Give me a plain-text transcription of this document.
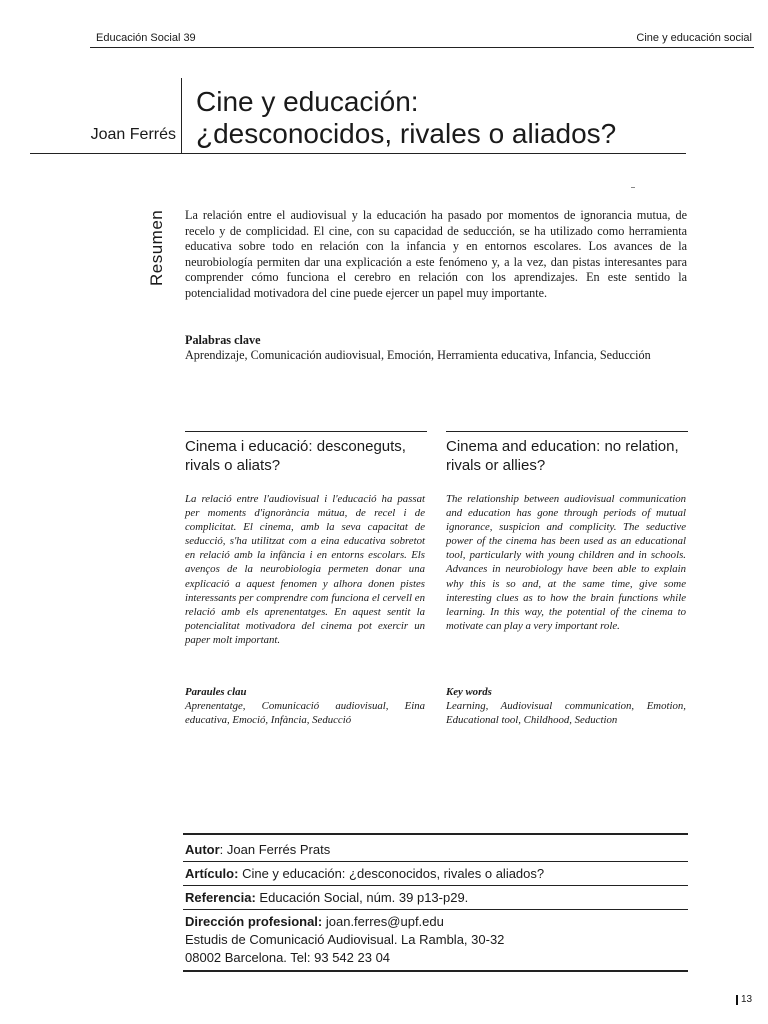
Educación Social 39	Cine y educación social
Joan Ferrés
Cine y educación:
¿desconocidos, rivales o aliados?
Resumen La relación entre el audiovisual y la educación ha pasado por momentos de ignorancia mutua, de recelo y de complicidad. El cine, con su capacidad de seducción, se ha utilizado como herramienta educativa sobre todo en relación con la infancia y en entornos escolares. Los avances de la neurobiología permiten dar una explicación a este fenómeno y, a la vez, dan pistas interesantes para comprender cómo funciona el cerebro en relación con los aprendizajes. En este sentido la potencialidad motivadora del cine puede ejercer un papel muy importante.

Palabras clave

Aprendizaje, Comunicación audiovisual, Emoción, Herramienta educativa, Infancia, Seducción

Cinema i educació: desconeguts, rivals o aliats?

La relació entre l'audiovisual i l'educació ha passat per moments d'ignorància mútua, de recel i de complicitat. El cinema, amb la seva capacitat de seducció, s'ha utilitzat com a eina educativa sobretot en relació amb la infància i en entorns escolars. Els avenços de la neurobiologia permeten donar una explicació a aquest fenomen y alhora donen pistes interessants per comprendre com funciona el cervell en relació amb els aprenentatges. En aquest sentit la potencialitat motivadora del cinema pot exercir un paper molt important.

Paraules clau

Aprenentatge, Comunicació audiovisual, Eina educativa, Emoció, Infància, Seducció

Cinema and education: no relation, rivals or allies?

The relationship between audiovisual communication and education has gone through periods of mutual ignorance, suspicion and complicity. The seductive power of the cinema has been used as an educational tool, particularly with young children and in schools. Advances in neurobiology have been able to explain why this is so and, at the same time, give some interesting clues as to how the brain functions while learning. In this way, the potential of the cinema to motivate can play a very important role.

Key words

Learning, Audiovisual communication, Emotion, Educational tool, Childhood, Seduction

Autor: Joan Ferrés Prats
Artículo: Cine y educación: ¿desconocidos, rivales o aliados?
Referencia: Educación Social, núm. 39 p13-p29.
Dirección profesional: joan.ferres@upf.edu
Estudis de Comunicació Audiovisual. La Rambla, 30-32
08002 Barcelona. Tel: 93 542 23 04
13
